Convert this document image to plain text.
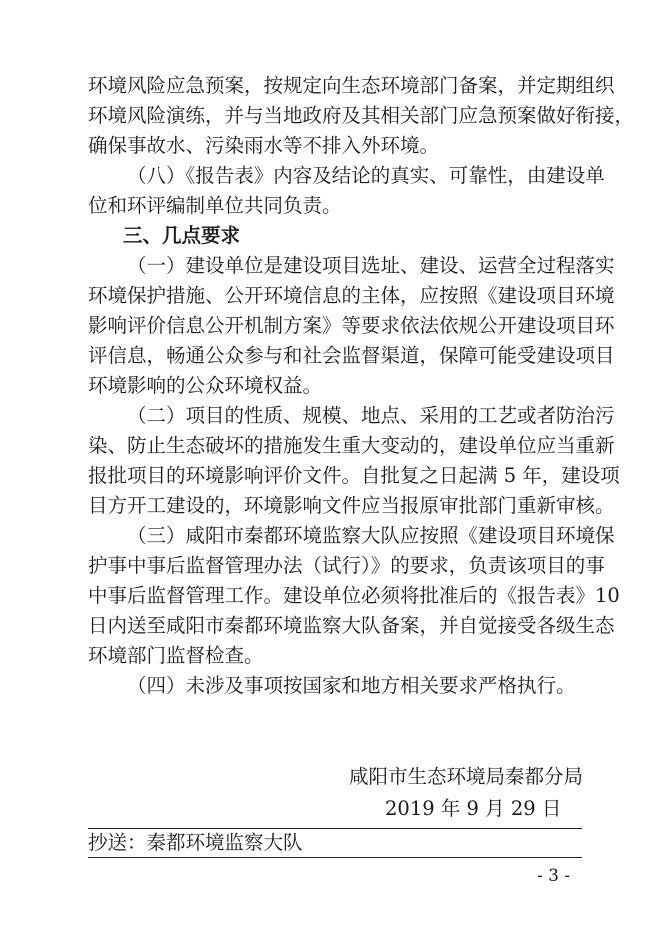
环境风险应急预案，按规定向生态环境部门备案，并定期组织
环境风险演练，并与当地政府及其相关部门应急预案做好衔接，
确保事故水、污染雨水等不排入外环境。
（八）《报告表》内容及结论的真实、可靠性，由建设单
位和环评编制单位共同负责。
三、几点要求
（一）建设单位是建设项目选址、建设、运营全过程落实
环境保护措施、公开环境信息的主体，应按照《建设项目环境
影响评价信息公开机制方案》等要求依法依规公开建设项目环
评信息，畅通公众参与和社会监督渠道，保障可能受建设项目
环境影响的公众环境权益。
（二）项目的性质、规模、地点、采用的工艺或者防治污
染、防止生态破坏的措施发生重大变动的，建设单位应当重新
报批项目的环境影响评价文件。自批复之日起满 5 年，建设项
目方开工建设的，环境影响文件应当报原审批部门重新审核。
（三）咸阳市秦都环境监察大队应按照《建设项目环境保
护事中事后监督管理办法（试行）》的要求，负责该项目的事
中事后监督管理工作。建设单位必须将批准后的《报告表》10
日内送至咸阳市秦都环境监察大队备案，并自觉接受各级生态
环境部门监督检查。
（四）未涉及事项按国家和地方相关要求严格执行。
咸阳市生态环境局秦都分局
2019 年 9 月 29 日
抄送：秦都环境监察大队
- 3 -
